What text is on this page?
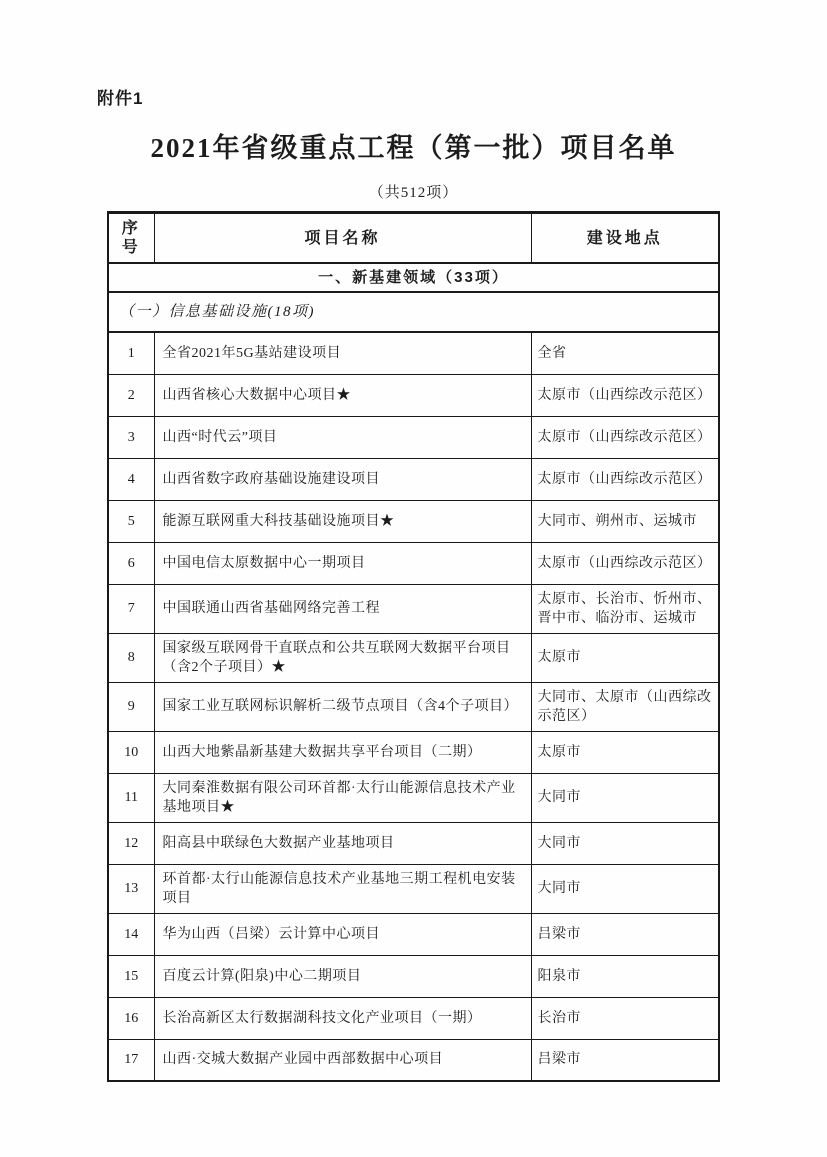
附件1
2021年省级重点工程（第一批）项目名单
（共512项）
序号	项目名称	建设地点
一、新基建领域（33项）		
（一）信息基础设施(18项)		
1	全省2021年5G基站建设项目	全省
2	山西省核心大数据中心项目★	太原市（山西综改示范区）
3	山西“时代云”项目	太原市（山西综改示范区）
4	山西省数字政府基础设施建设项目	太原市（山西综改示范区）
5	能源互联网重大科技基础设施项目★	大同市、朔州市、运城市
6	中国电信太原数据中心一期项目	太原市（山西综改示范区）
7	中国联通山西省基础网络完善工程	太原市、长治市、忻州市、晋中市、临汾市、运城市
8	国家级互联网骨干直联点和公共互联网大数据平台项目（含2个子项目）★	太原市
9	国家工业互联网标识解析二级节点项目（含4个子项目）	大同市、太原市（山西综改示范区）
10	山西大地紫晶新基建大数据共享平台项目（二期）	太原市
11	大同秦淮数据有限公司环首都·太行山能源信息技术产业基地项目★	大同市
12	阳高县中联绿色大数据产业基地项目	大同市
13	环首都·太行山能源信息技术产业基地三期工程机电安装项目	大同市
14	华为山西（吕梁）云计算中心项目	吕梁市
15	百度云计算(阳泉)中心二期项目	阳泉市
16	长治高新区太行数据湖科技文化产业项目（一期）	长治市
17	山西·交城大数据产业园中西部数据中心项目	吕梁市
